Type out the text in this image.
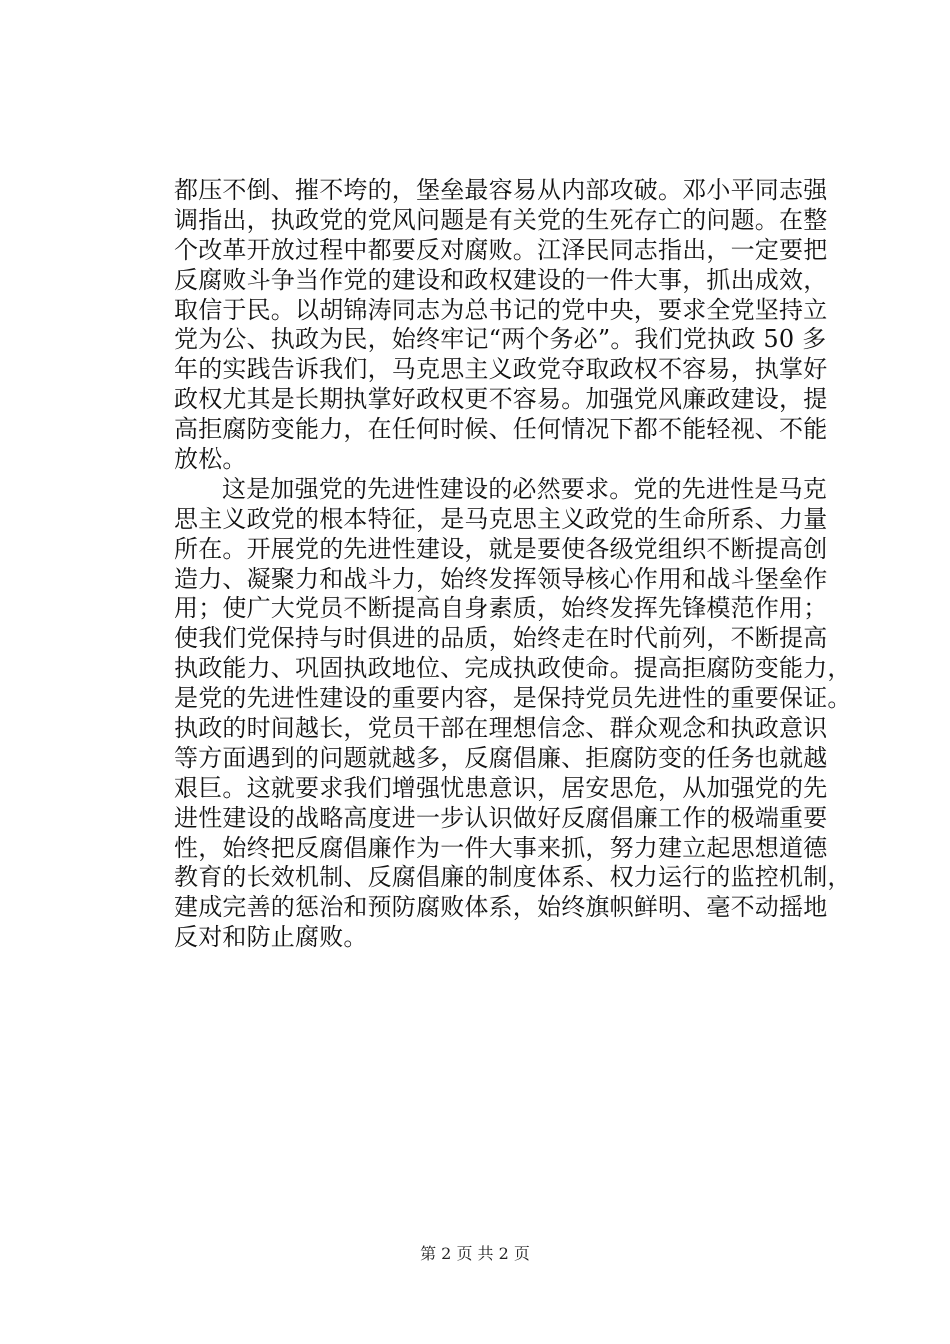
都压不倒、摧不垮的，堡垒最容易从内部攻破。邓小平同志强
调指出，执政党的党风问题是有关党的生死存亡的问题。在整
个改革开放过程中都要反对腐败。江泽民同志指出，一定要把
反腐败斗争当作党的建设和政权建设的一件大事，抓出成效，
取信于民。以胡锦涛同志为总书记的党中央，要求全党坚持立
党为公、执政为民，始终牢记“两个务必”。我们党执政 50 多
年的实践告诉我们，马克思主义政党夺取政权不容易，执掌好
政权尤其是长期执掌好政权更不容易。加强党风廉政建设，提
高拒腐防变能力，在任何时候、任何情况下都不能轻视、不能
放松。
这是加强党的先进性建设的必然要求。党的先进性是马克
思主义政党的根本特征，是马克思主义政党的生命所系、力量
所在。开展党的先进性建设，就是要使各级党组织不断提高创
造力、凝聚力和战斗力，始终发挥领导核心作用和战斗堡垒作
用；使广大党员不断提高自身素质，始终发挥先锋模范作用；
使我们党保持与时俱进的品质，始终走在时代前列，不断提高
执政能力、巩固执政地位、完成执政使命。提高拒腐防变能力，
是党的先进性建设的重要内容，是保持党员先进性的重要保证。
执政的时间越长，党员干部在理想信念、群众观念和执政意识
等方面遇到的问题就越多，反腐倡廉、拒腐防变的任务也就越
艰巨。这就要求我们增强忧患意识，居安思危，从加强党的先
进性建设的战略高度进一步认识做好反腐倡廉工作的极端重要
性，始终把反腐倡廉作为一件大事来抓，努力建立起思想道德
教育的长效机制、反腐倡廉的制度体系、权力运行的监控机制，
建成完善的惩治和预防腐败体系，始终旗帜鲜明、毫不动摇地
反对和防止腐败。
第 2 页 共 2 页
